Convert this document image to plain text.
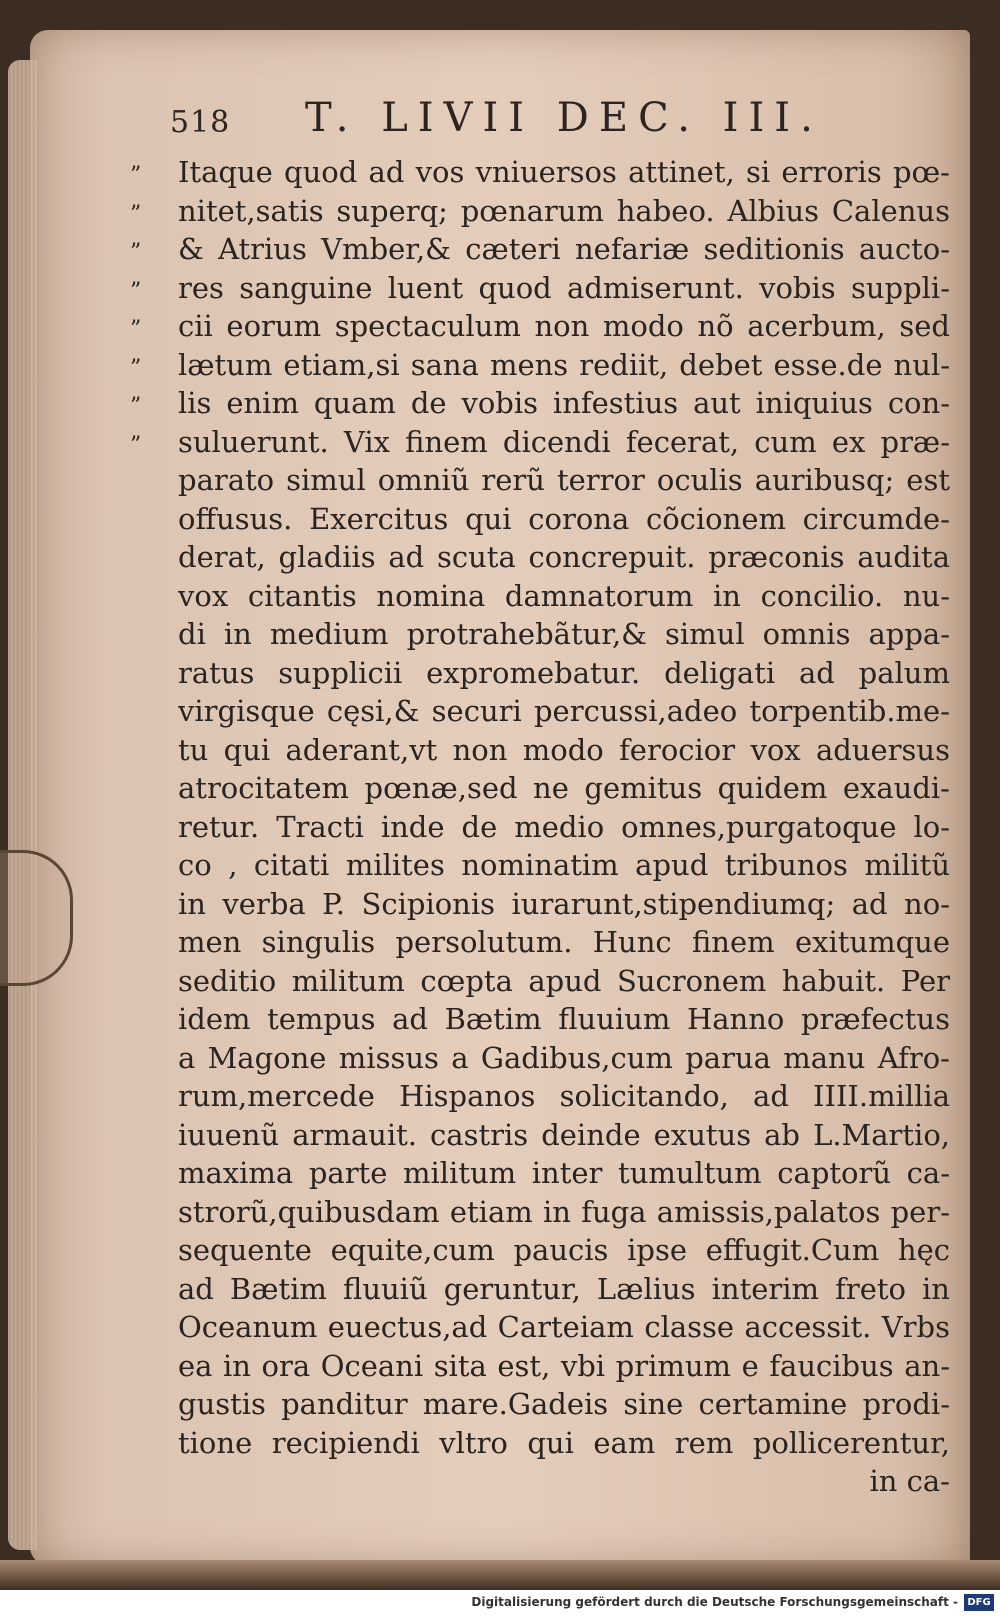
518 T. LIVII DEC. III.
”	Itaque quod ad vos vniuersos attinet, si erroris pœ-
”	nitet,satis superq; pœnarum habeo. Albius Calenus
”	& Atrius Vmber,& cæteri nefariæ seditionis aucto-
”	res sanguine luent quod admiserunt. vobis suppli-
”	cii eorum spectaculum non modo nõ acerbum, sed
”	lætum etiam,si sana mens rediit, debet esse.de nul-
”	lis enim quam de vobis infestius aut iniquius con-
”	suluerunt. Vix finem dicendi fecerat, cum ex præ-
parato simul omniũ rerũ terror oculis auribusq; est
offusus. Exercitus qui corona cõcionem circumde-
derat, gladiis ad scuta concrepuit. præconis audita
vox citantis nomina damnatorum in concilio. nu-
di in medium protrahebãtur,& simul omnis appa-
ratus supplicii expromebatur. deligati ad palum
virgisque cęsi,& securi percussi,adeo torpentib.me-
tu qui aderant,vt non modo ferocior vox aduersus
atrocitatem pœnæ,sed ne gemitus quidem exaudi-
retur. Tracti inde de medio omnes,purgatoque lo-
co , citati milites nominatim apud tribunos militũ
in verba P. Scipionis iurarunt,stipendiumq; ad no-
men singulis persolutum. Hunc finem exitumque
seditio militum cœpta apud Sucronem habuit. Per
idem tempus ad Bætim fluuium Hanno præfectus
a Magone missus a Gadibus,cum parua manu Afro-
rum,mercede Hispanos solicitando, ad IIII.millia
iuuenũ armauit. castris deinde exutus ab L.Martio,
maxima parte militum inter tumultum captorũ ca-
strorũ,quibusdam etiam in fuga amissis,palatos per-
sequente equite,cum paucis ipse effugit.Cum hęc
ad Bætim fluuiũ geruntur, Lælius interim freto in
Oceanum euectus,ad Carteiam classe accessit. Vrbs
ea in ora Oceani sita est, vbi primum e faucibus an-
gustis panditur mare.Gadeis sine certamine prodi-
tione recipiendi vltro qui eam rem pollicerentur,
in ca-
Digitalisierung gefördert durch die Deutsche Forschungsgemeinschaft - DFG
